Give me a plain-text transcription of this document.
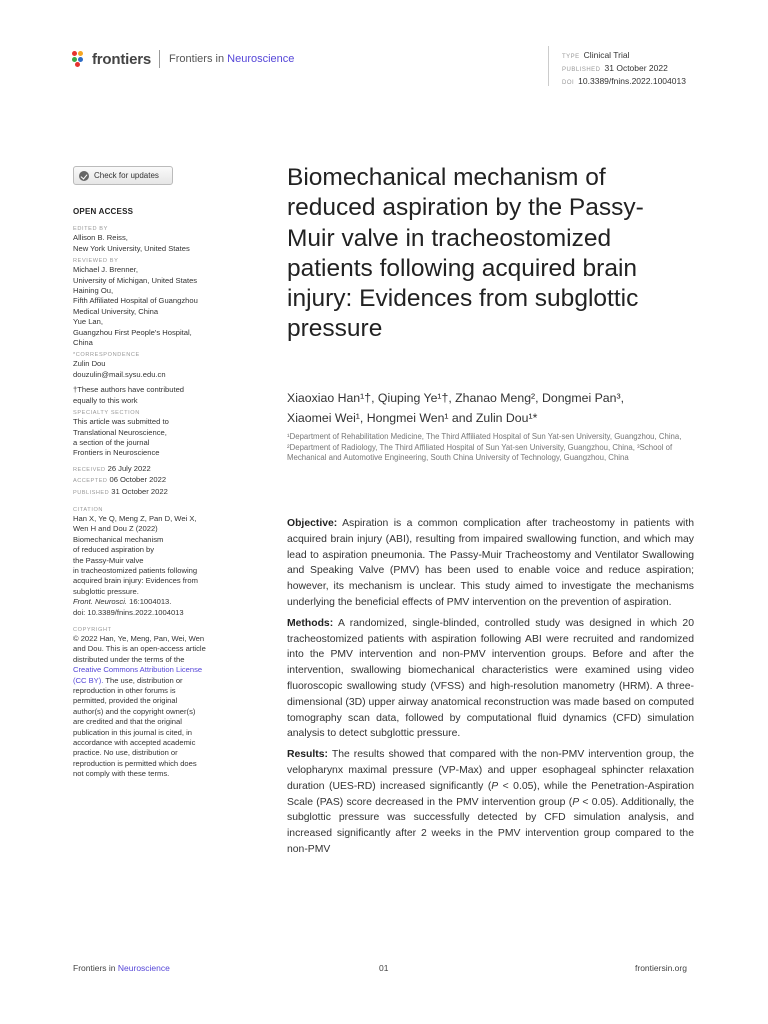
frontiers Frontiers in Neuroscience	TYPE Clinical Trial
PUBLISHED 31 October 2022
DOI 10.3389/fnins.2022.1004013
Check for updates
OPEN ACCESS
EDITED BY
Allison B. Reiss,
New York University, United States
REVIEWED BY
Michael J. Brenner,
University of Michigan, United States
Haining Ou,
Fifth Affiliated Hospital of Guangzhou
Medical University, China
Yue Lan,
Guangzhou First People's Hospital,
China
*CORRESPONDENCE
Zulin Dou
douzulin@mail.sysu.edu.cn
†These authors have contributed
equally to this work
SPECIALTY SECTION
This article was submitted to
Translational Neuroscience,
a section of the journal
Frontiers in Neuroscience
RECEIVED 26 July 2022
ACCEPTED 06 October 2022
PUBLISHED 31 October 2022
CITATION
Han X, Ye Q, Meng Z, Pan D, Wei X,
Wen H and Dou Z (2022)
Biomechanical mechanism
of reduced aspiration by
the Passy-Muir valve
in tracheostomized patients following
acquired brain injury: Evidences from
subglottic pressure.
Front. Neurosci. 16:1004013.
doi: 10.3389/fnins.2022.1004013
COPYRIGHT
© 2022 Han, Ye, Meng, Pan, Wei, Wen
and Dou. This is an open-access article
distributed under the terms of the
Creative Commons Attribution License
(CC BY). The use, distribution or
reproduction in other forums is
permitted, provided the original
author(s) and the copyright owner(s)
are credited and that the original
publication in this journal is cited, in
accordance with accepted academic
practice. No use, distribution or
reproduction is permitted which does
not comply with these terms.
Biomechanical mechanism of reduced aspiration by the Passy-Muir valve in tracheostomized patients following acquired brain injury: Evidences from subglottic pressure
Xiaoxiao Han¹†, Qiuping Ye¹†, Zhanao Meng², Dongmei Pan³,
Xiaomei Wei¹, Hongmei Wen¹ and Zulin Dou¹*
¹Department of Rehabilitation Medicine, The Third Affiliated Hospital of Sun Yat-sen University, Guangzhou, China, ²Department of Radiology, The Third Affiliated Hospital of Sun Yat-sen University, Guangzhou, China, ³School of Mechanical and Automotive Engineering, South China University of Technology, Guangzhou, China

Objective: Aspiration is a common complication after tracheostomy in patients with acquired brain injury (ABI), resulting from impaired swallowing function, and which may lead to aspiration pneumonia. The Passy-Muir Tracheostomy and Ventilator Swallowing and Speaking Valve (PMV) has been used to enable voice and reduce aspiration; however, its mechanism is unclear. This study aimed to investigate the mechanisms underlying the beneficial effects of PMV intervention on the prevention of aspiration.

Methods: A randomized, single-blinded, controlled study was designed in which 20 tracheostomized patients with aspiration following ABI were recruited and randomized into the PMV intervention and non-PMV intervention groups. Before and after the intervention, swallowing biomechanical characteristics were examined using video fluoroscopic swallowing study (VFSS) and high-resolution manometry (HRM). A three-dimensional (3D) upper airway anatomical reconstruction was made based on computed tomography scan data, followed by computational fluid dynamics (CFD) simulation analysis to detect subglottic pressure.

Results: The results showed that compared with the non-PMV intervention group, the velopharynx maximal pressure (VP-Max) and upper esophageal sphincter relaxation duration (UES-RD) increased significantly (P < 0.05), while the Penetration-Aspiration Scale (PAS) score decreased in the PMV intervention group (P < 0.05). Additionally, the subglottic pressure was successfully detected by CFD simulation analysis, and increased significantly after 2 weeks in the PMV intervention group compared to the non-PMV

Frontiers in Neuroscience	01	frontiersin.org
